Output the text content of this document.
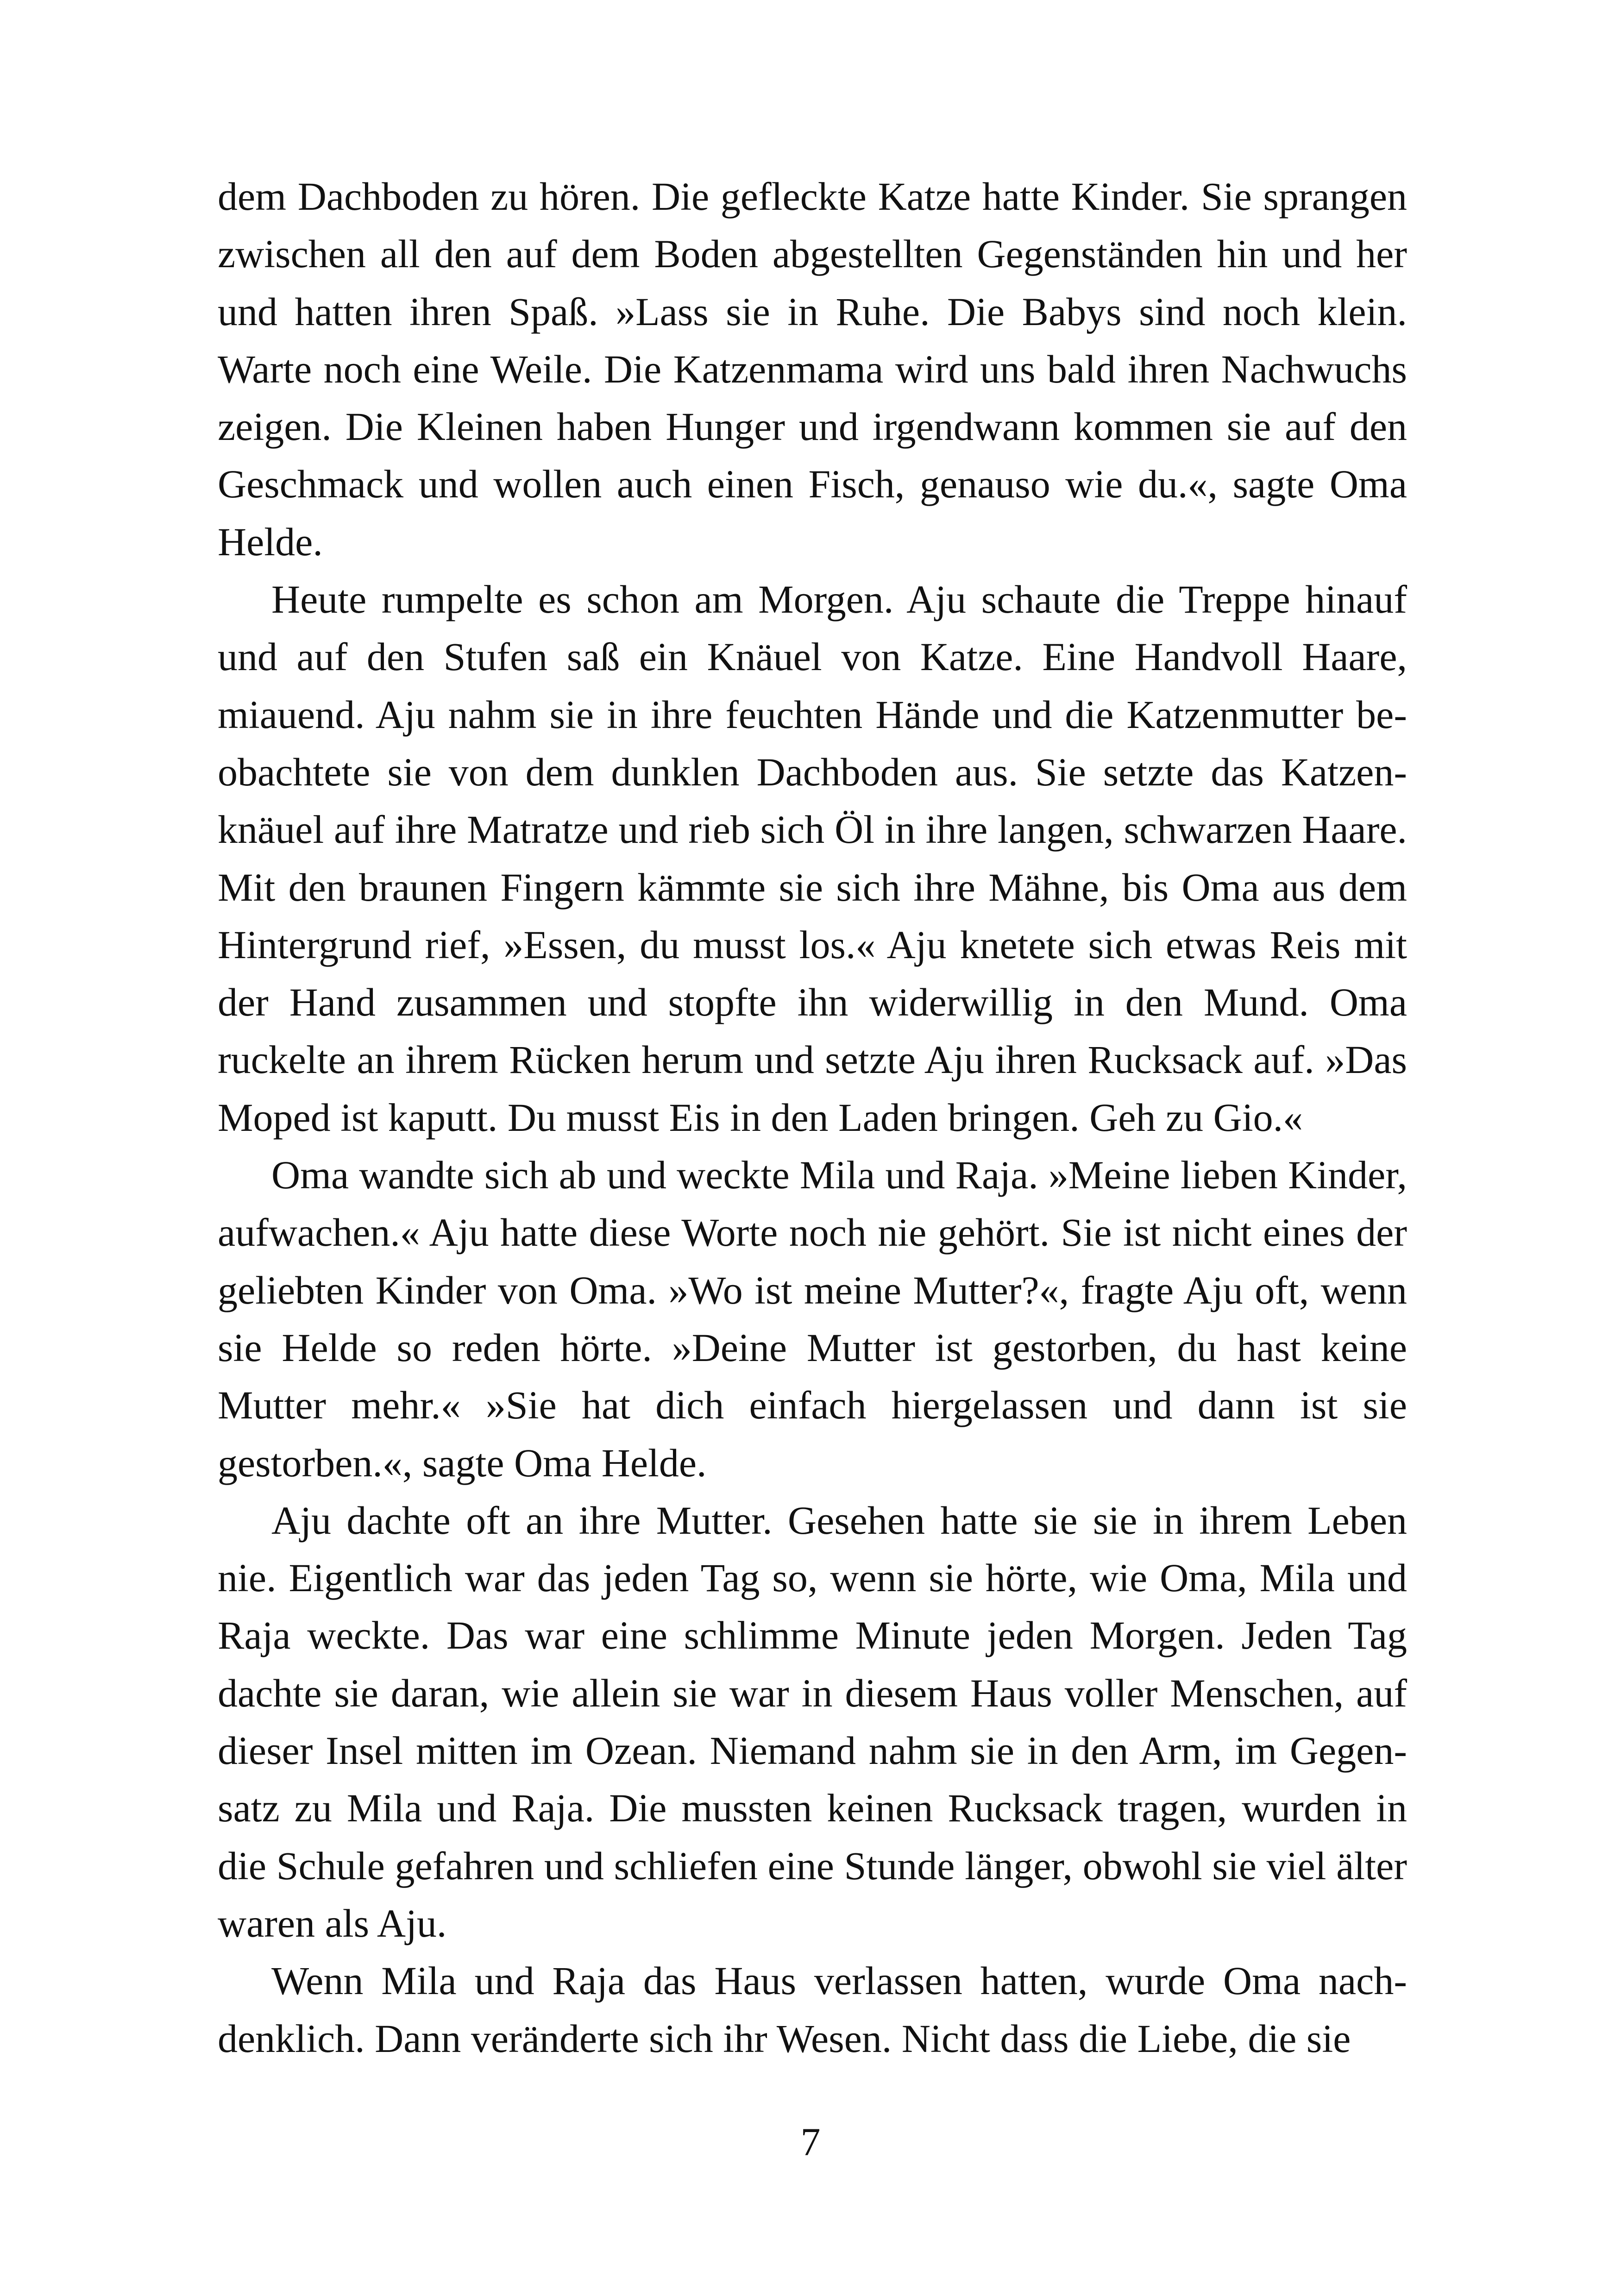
dem Dachboden zu hören. Die gefleckte Katze hatte Kinder. Sie sprangen zwischen all den auf dem Boden abgestellten Gegenständen hin und her und hatten ihren Spaß. »Lass sie in Ruhe. Die Babys sind noch klein. Warte noch eine Weile. Die Katzenmama wird uns bald ihren Nachwuchs zeigen. Die Kleinen haben Hunger und irgendwann kommen sie auf den Geschmack und wollen auch einen Fisch, genauso wie du.«, sagte Oma Helde.

Heute rumpelte es schon am Morgen. Aju schaute die Treppe hinauf und auf den Stufen saß ein Knäuel von Katze. Eine Handvoll Haare, miauend. Aju nahm sie in ihre feuchten Hände und die Katzenmutter beobachtete sie von dem dunklen Dachboden aus. Sie setzte das Katzenknäuel auf ihre Matratze und rieb sich Öl in ihre langen, schwarzen Haare. Mit den braunen Fingern kämmte sie sich ihre Mähne, bis Oma aus dem Hintergrund rief, »Essen, du musst los.« Aju knetete sich etwas Reis mit der Hand zusammen und stopfte ihn widerwillig in den Mund. Oma ruckelte an ihrem Rücken herum und setzte Aju ihren Rucksack auf. »Das Moped ist kaputt. Du musst Eis in den Laden bringen. Geh zu Gio.«

Oma wandte sich ab und weckte Mila und Raja. »Meine lieben Kinder, aufwachen.« Aju hatte diese Worte noch nie gehört. Sie ist nicht eines der geliebten Kinder von Oma. »Wo ist meine Mutter?«, fragte Aju oft, wenn sie Helde so reden hörte. »Deine Mutter ist gestorben, du hast keine Mutter mehr.« »Sie hat dich einfach hiergelassen und dann ist sie gestorben.«, sagte Oma Helde.

Aju dachte oft an ihre Mutter. Gesehen hatte sie sie in ihrem Leben nie. Eigentlich war das jeden Tag so, wenn sie hörte, wie Oma, Mila und Raja weckte. Das war eine schlimme Minute jeden Morgen. Jeden Tag dachte sie daran, wie allein sie war in diesem Haus voller Menschen, auf dieser Insel mitten im Ozean. Niemand nahm sie in den Arm, im Gegensatz zu Mila und Raja. Die mussten keinen Rucksack tragen, wurden in die Schule gefahren und schliefen eine Stunde länger, obwohl sie viel älter waren als Aju.

Wenn Mila und Raja das Haus verlassen hatten, wurde Oma nachdenklich. Dann veränderte sich ihr Wesen. Nicht dass die Liebe, die sie

7
